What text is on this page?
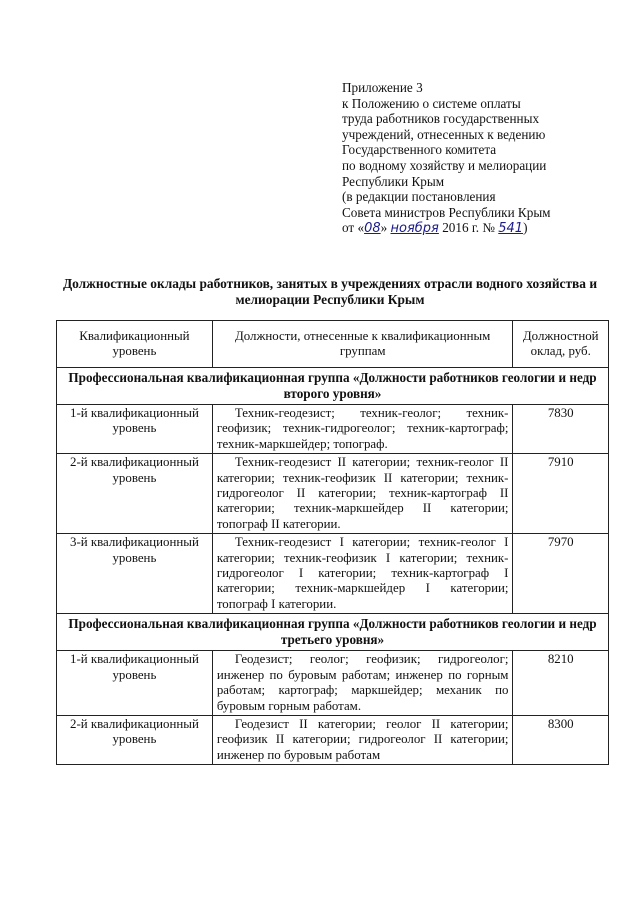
Приложение 3
к Положению о системе оплаты
труда работников государственных
учреждений, отнесенных к ведению
Государственного комитета
по водному хозяйству и мелиорации
Республики Крым
(в редакции постановления
Совета министров Республики Крым
от «08» ноября 2016 г. № 541)
Должностные оклады работников, занятых в учреждениях отрасли водного хозяйства и мелиорации Республики Крым
Квалификационный уровень	Должности, отнесенные к квалификационным группам	Должностной оклад, руб.
Профессиональная квалификационная группа «Должности работников геологии и недр второго уровня»		
1-й квалификационный уровень	Техник-геодезист; техник-геолог; техник-геофизик; техник-гидрогеолог; техник-картограф; техник-маркшейдер; топограф.	7830
2-й квалификационный уровень	Техник-геодезист II категории; техник-геолог II категории; техник-геофизик II категории; техник-гидрогеолог II категории; техник-картограф II категории; техник-маркшейдер II категории; топограф II категории.	7910
3-й квалификационный уровень	Техник-геодезист I категории; техник-геолог I категории; техник-геофизик I категории; техник-гидрогеолог I категории; техник-картограф I категории; техник-маркшейдер I категории; топограф I категории.	7970
Профессиональная квалификационная группа «Должности работников геологии и недр третьего уровня»		
1-й квалификационный уровень	Геодезист; геолог; геофизик; гидрогеолог; инженер по буровым работам; инженер по горным работам; картограф; маркшейдер; механик по буровым горным работам.	8210
2-й квалификационный уровень	Геодезист II категории; геолог II категории; геофизик II категории; гидрогеолог II категории; инженер по буровым работам	8300
